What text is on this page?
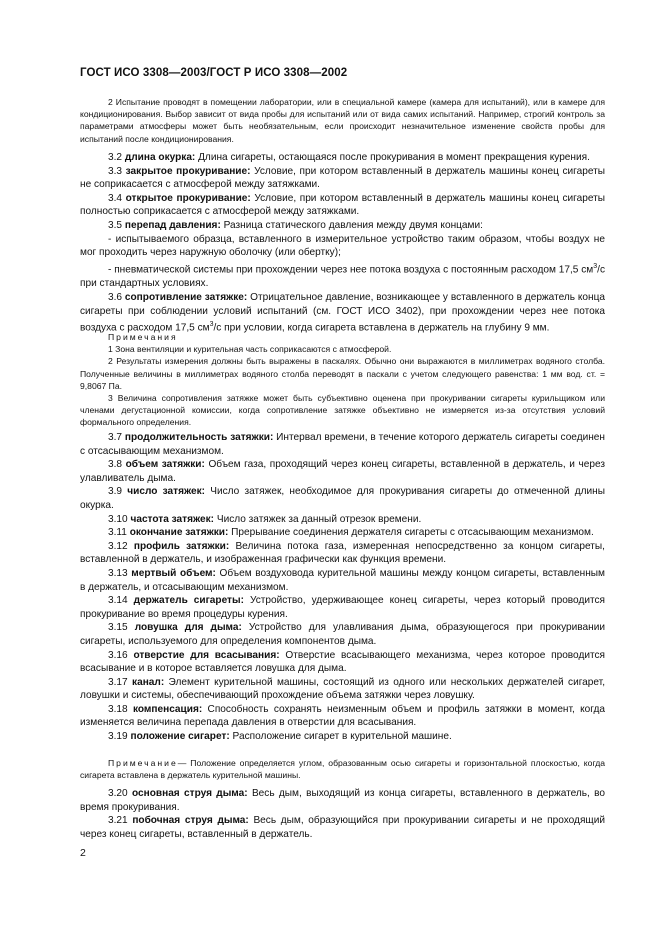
ГОСТ ИСО 3308—2003/ГОСТ Р ИСО 3308—2002

2 Испытание проводят в помещении лаборатории, или в специальной камере (камера для испытаний), или в камере для кондиционирования. Выбор зависит от вида пробы для испытаний или от вида самих испытаний. Например, строгий контроль за параметрами атмосферы может быть необязательным, если происходит незначительное изменение свойств пробы для испытаний после кондиционирования.

3.2 длина окурка: Длина сигареты, остающаяся после прокуривания в момент прекращения курения.

3.3 закрытое прокуривание: Условие, при котором вставленный в держатель машины конец сигареты не соприкасается с атмосферой между затяжками.

3.4 открытое прокуривание: Условие, при котором вставленный в держатель машины конец сигареты полностью соприкасается с атмосферой между затяжками.

3.5 перепад давления: Разница статического давления между двумя концами:

- испытываемого образца, вставленного в измерительное устройство таким образом, чтобы воздух не мог проходить через наружную оболочку (или обертку);

- пневматической системы при прохождении через нее потока воздуха с постоянным расходом 17,5 $см^3/с$ при стандартных условиях.

3.6 сопротивление затяжке: Отрицательное давление, возникающее у вставленного в держатель конца сигареты при соблюдении условий испытаний (см. ГОСТ ИСО 3402), при прохождении через нее потока воздуха с расходом 17,5 $см^3/с$ при условии, когда сигарета вставлена в держатель на глубину 9 мм.

Примечания

1 Зона вентиляции и курительная часть соприкасаются с атмосферой.

2 Результаты измерения должны быть выражены в паскалях. Обычно они выражаются в миллиметрах водяного столба. Полученные величины в миллиметрах водяного столба переводят в паскали с учетом следующего равенства: 1 мм вод. ст. = 9,8067 Па.

3 Величина сопротивления затяжке может быть субъективно оценена при прокуривании сигареты курильщиком или членами дегустационной комиссии, когда сопротивление затяжке объективно не измеряется из-за отсутствия условий формального определения.

3.7 продолжительность затяжки: Интервал времени, в течение которого держатель сигареты соединен с отсасывающим механизмом.

3.8 объем затяжки: Объем газа, проходящий через конец сигареты, вставленной в держатель, и через улавливатель дыма.

3.9 число затяжек: Число затяжек, необходимое для прокуривания сигареты до отмеченной длины окурка.

3.10 частота затяжек: Число затяжек за данный отрезок времени.

3.11 окончание затяжки: Прерывание соединения держателя сигареты с отсасывающим механизмом.

3.12 профиль затяжки: Величина потока газа, измеренная непосредственно за концом сигареты, вставленной в держатель, и изображенная графически как функция времени.

3.13 мертвый объем: Объем воздуховода курительной машины между концом сигареты, вставленным в держатель, и отсасывающим механизмом.

3.14 держатель сигареты: Устройство, удерживающее конец сигареты, через который проводится прокуривание во время процедуры курения.

3.15 ловушка для дыма: Устройство для улавливания дыма, образующегося при прокуривании сигареты, используемого для определения компонентов дыма.

3.16 отверстие для всасывания: Отверстие всасывающего механизма, через которое проводится всасывание и в которое вставляется ловушка для дыма.

3.17 канал: Элемент курительной машины, состоящий из одного или нескольких держателей сигарет, ловушки и системы, обеспечивающий прохождение объема затяжки через ловушку.

3.18 компенсация: Способность сохранять неизменным объем и профиль затяжки в момент, когда изменяется величина перепада давления в отверстии для всасывания.

3.19 положение сигарет: Расположение сигарет в курительной машине.

Примечание— Положение определяется углом, образованным осью сигареты и горизонтальной плоскостью, когда сигарета вставлена в держатель курительной машины.

3.20 основная струя дыма: Весь дым, выходящий из конца сигареты, вставленного в держатель, во время прокуривания.

3.21 побочная струя дыма: Весь дым, образующийся при прокуривании сигареты и не проходящий через конец сигареты, вставленный в держатель.

2
